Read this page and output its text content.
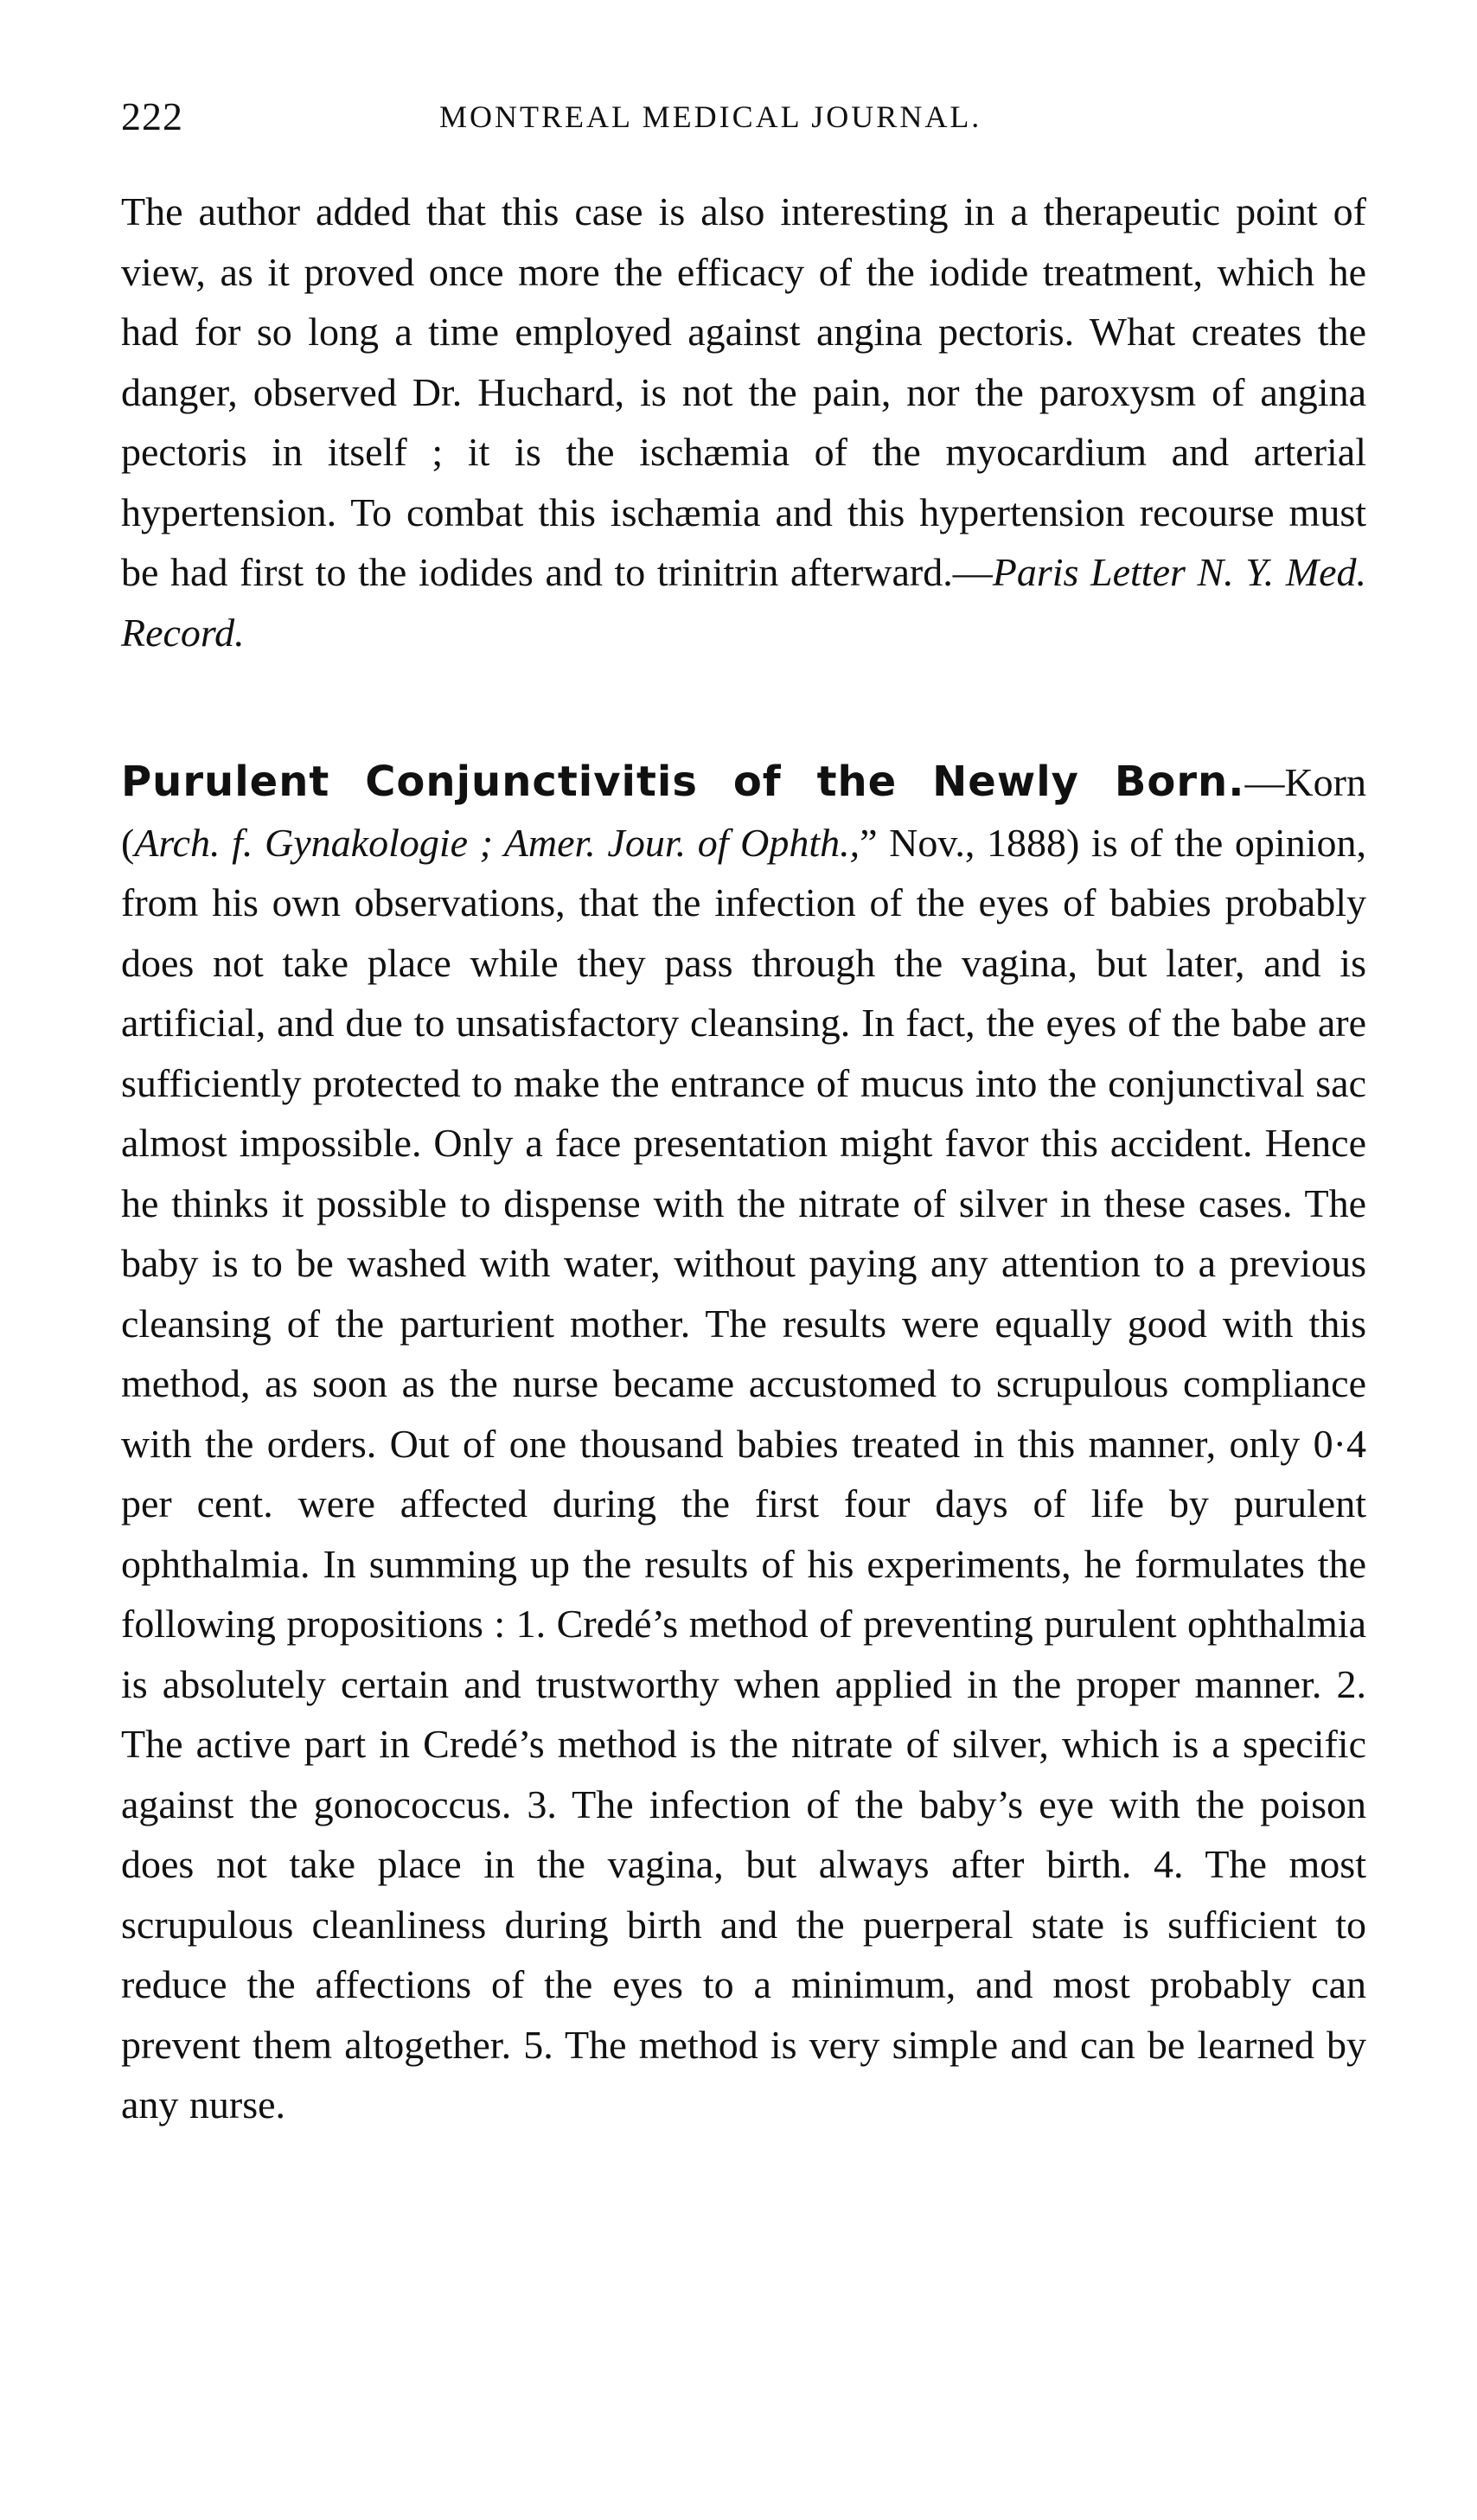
222	MONTREAL MEDICAL JOURNAL.

The author added that this case is also interesting in a therapeutic point of view, as it proved once more the efficacy of the iodide treatment, which he had for so long a time employed against angina pectoris. What creates the danger, observed Dr. Huchard, is not the pain, nor the paroxysm of angina pectoris in itself ; it is the ischæmia of the myocardium and arterial hypertension. To combat this ischæmia and this hypertension recourse must be had first to the iodides and to trinitrin afterward.—Paris Letter N. Y. Med. Record.

Purulent Conjunctivitis of the Newly Born.—Korn (Arch. f. Gynakologie ; Amer. Jour. of Ophth.,” Nov., 1888) is of the opinion, from his own observations, that the infection of the eyes of babies probably does not take place while they pass through the vagina, but later, and is artificial, and due to unsatisfactory cleansing. In fact, the eyes of the babe are sufficiently protected to make the entrance of mucus into the conjunctival sac almost impossible. Only a face presentation might favor this accident. Hence he thinks it possible to dispense with the nitrate of silver in these cases. The baby is to be washed with water, without paying any attention to a previous cleansing of the parturient mother. The results were equally good with this method, as soon as the nurse became accustomed to scrupulous compliance with the orders. Out of one thousand babies treated in this manner, only 0·4 per cent. were affected during the first four days of life by purulent ophthalmia. In summing up the results of his experiments, he formulates the following propositions : 1. Credé’s method of preventing purulent ophthalmia is absolutely certain and trustworthy when applied in the proper manner. 2. The active part in Credé’s method is the nitrate of silver, which is a specific against the gonococcus. 3. The infection of the baby’s eye with the poison does not take place in the vagina, but always after birth. 4. The most scrupulous cleanliness during birth and the puerperal state is sufficient to reduce the affections of the eyes to a minimum, and most probably can prevent them altogether. 5. The method is very simple and can be learned by any nurse.
